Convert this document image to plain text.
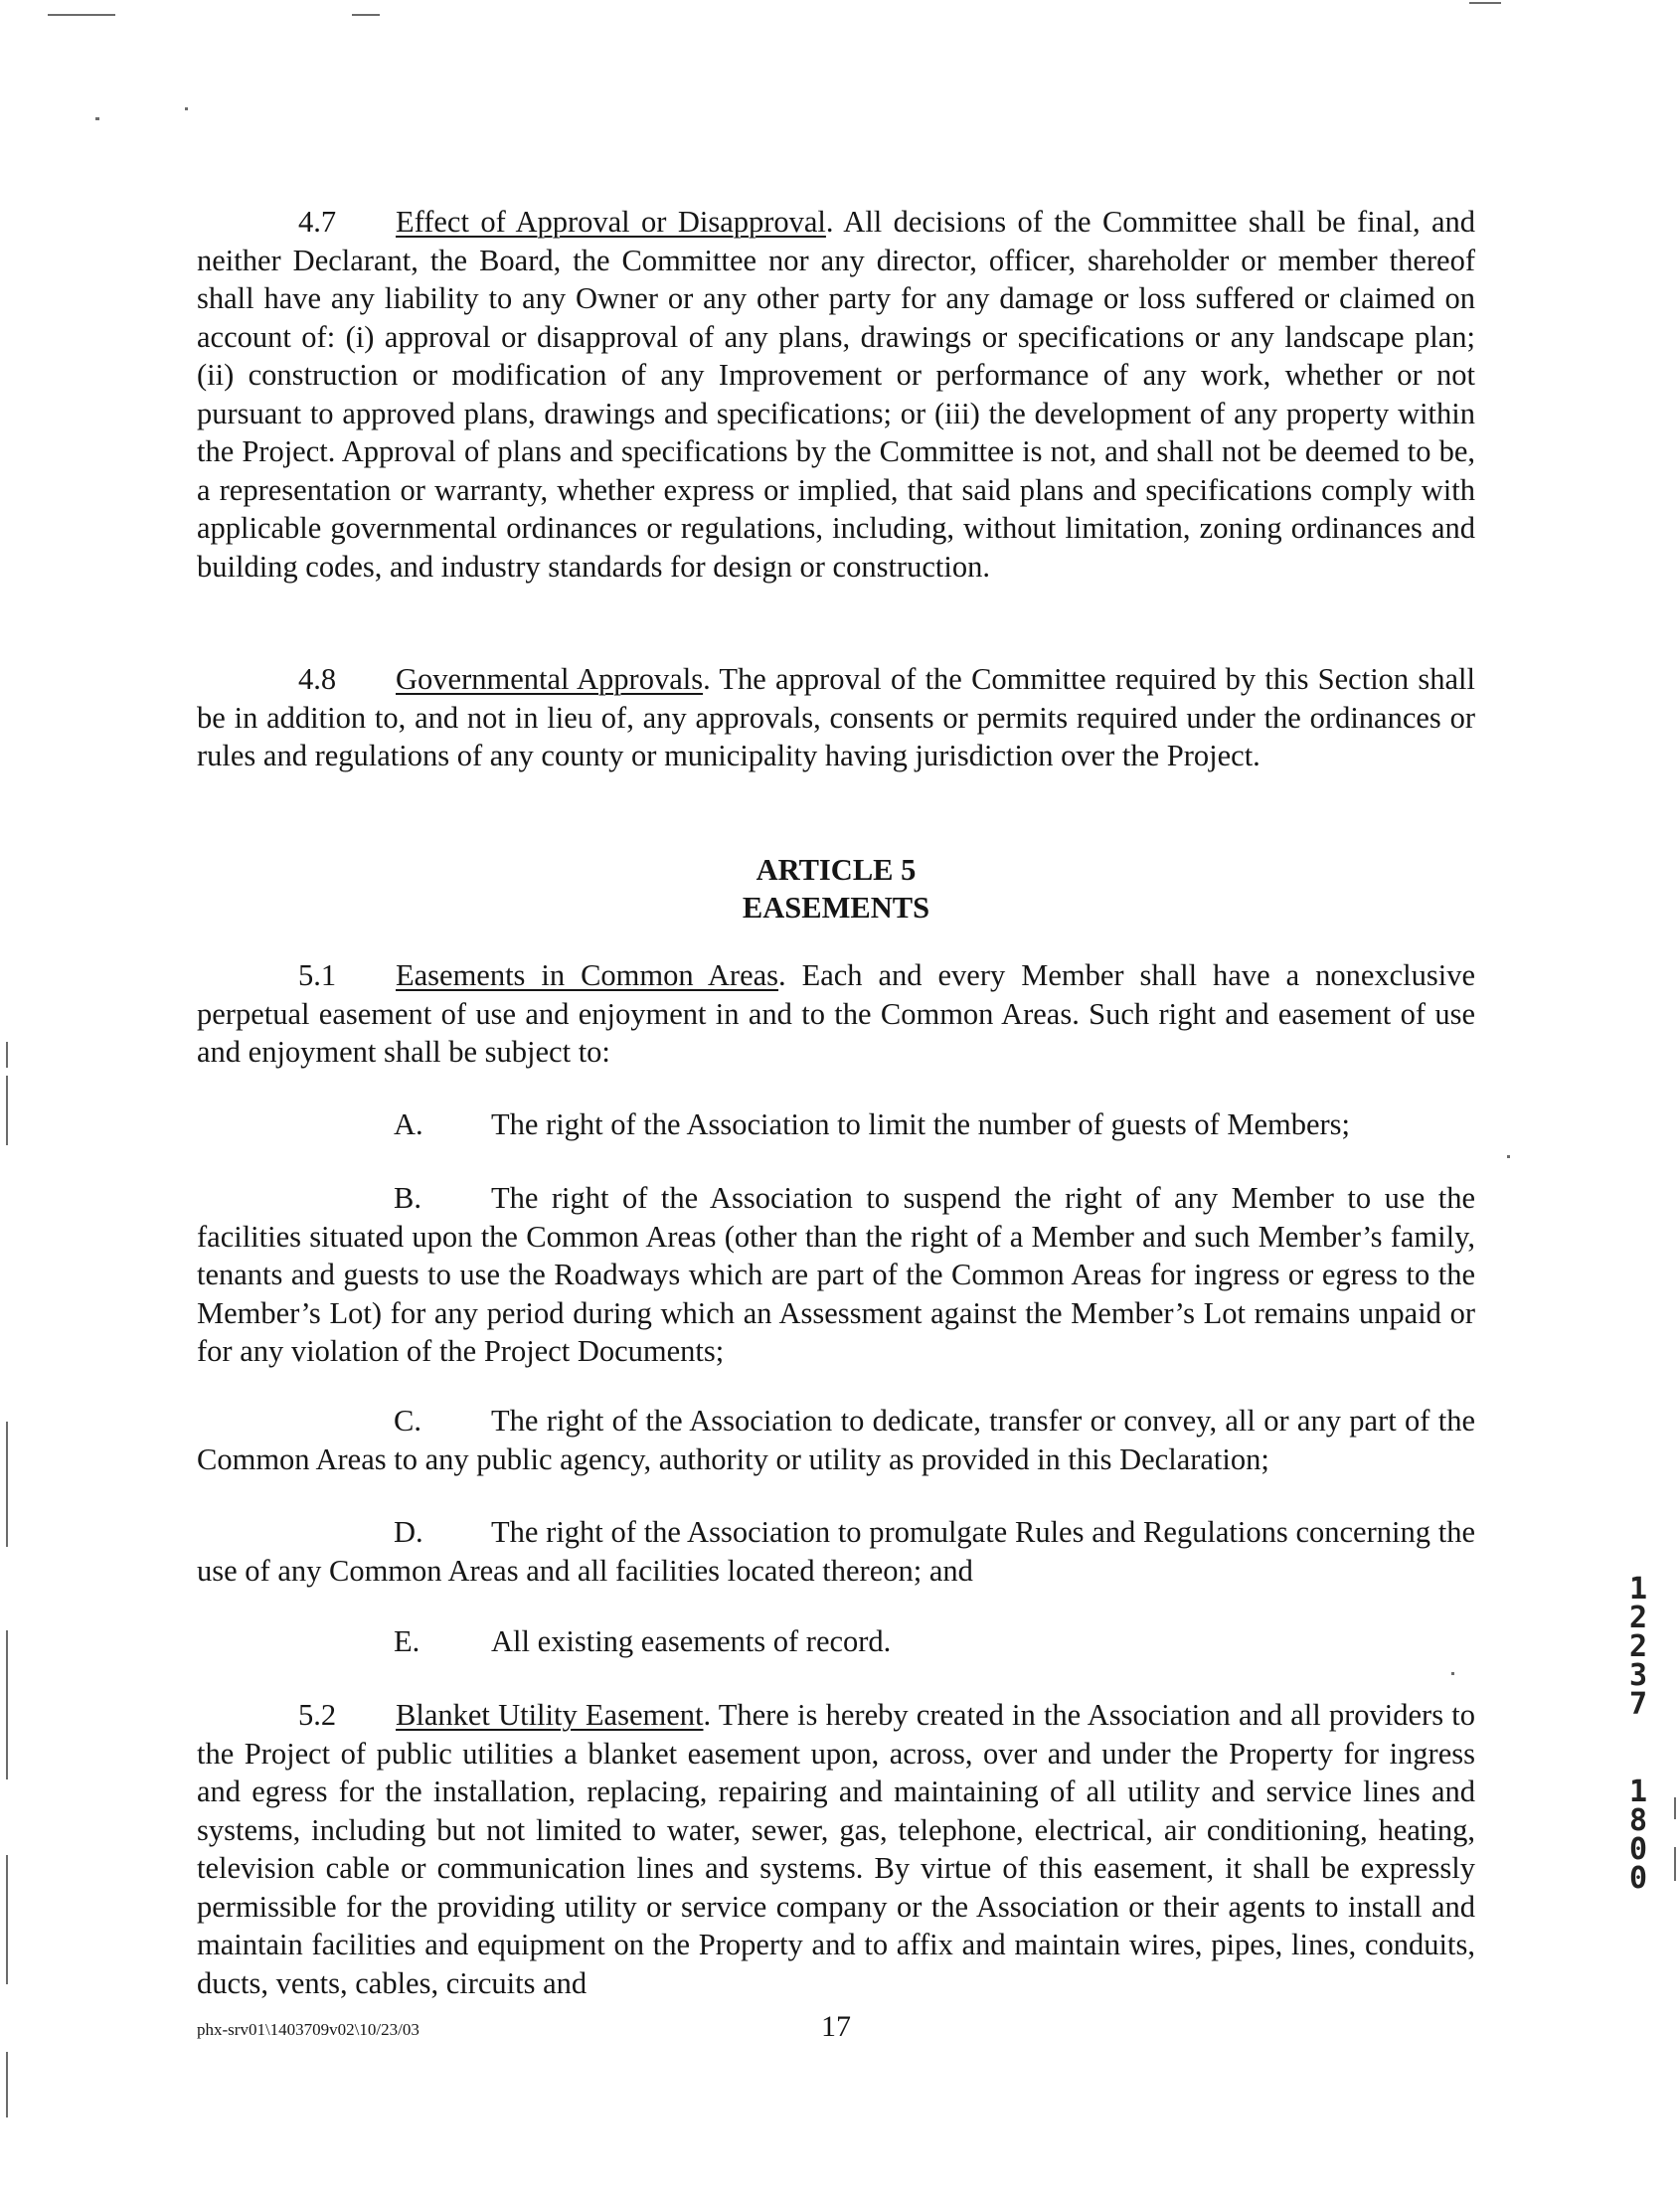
4.7 Effect of Approval or Disapproval. All decisions of the Committee shall be final, and neither Declarant, the Board, the Committee nor any director, officer, shareholder or member thereof shall have any liability to any Owner or any other party for any damage or loss suffered or claimed on account of: (i) approval or disapproval of any plans, drawings or specifications or any landscape plan; (ii) construction or modification of any Improvement or performance of any work, whether or not pursuant to approved plans, drawings and specifications; or (iii) the development of any property within the Project. Approval of plans and specifications by the Committee is not, and shall not be deemed to be, a representation or warranty, whether express or implied, that said plans and specifications comply with applicable governmental ordinances or regulations, including, without limitation, zoning ordinances and building codes, and industry standards for design or construction.

4.8 Governmental Approvals. The approval of the Committee required by this Section shall be in addition to, and not in lieu of, any approvals, consents or permits required under the ordinances or rules and regulations of any county or municipality having jurisdiction over the Project.

ARTICLE 5
EASEMENTS

5.1 Easements in Common Areas. Each and every Member shall have a nonexclusive perpetual easement of use and enjoyment in and to the Common Areas. Such right and easement of use and enjoyment shall be subject to:

A. The right of the Association to limit the number of guests of Members;

B. The right of the Association to suspend the right of any Member to use the facilities situated upon the Common Areas (other than the right of a Member and such Member’s family, tenants and guests to use the Roadways which are part of the Common Areas for ingress or egress to the Member’s Lot) for any period during which an Assessment against the Member’s Lot remains unpaid or for any violation of the Project Documents;

C. The right of the Association to dedicate, transfer or convey, all or any part of the Common Areas to any public agency, authority or utility as provided in this Declaration;

D. The right of the Association to promulgate Rules and Regulations concerning the use of any Common Areas and all facilities located thereon; and

E. All existing easements of record.

5.2 Blanket Utility Easement. There is hereby created in the Association and all providers to the Project of public utilities a blanket easement upon, across, over and under the Property for ingress and egress for the installation, replacing, repairing and maintaining of all utility and service lines and systems, including but not limited to water, sewer, gas, telephone, electrical, air conditioning, heating, television cable or communication lines and systems. By virtue of this easement, it shall be expressly permissible for the providing utility or service company or the Association or their agents to install and maintain facilities and equipment on the Property and to affix and maintain wires, pipes, lines, conduits, ducts, vents, cables, circuits and

phx-srv01\1403709v02\10/23/03	17
1
2
2
3
7
1
8
0
0
